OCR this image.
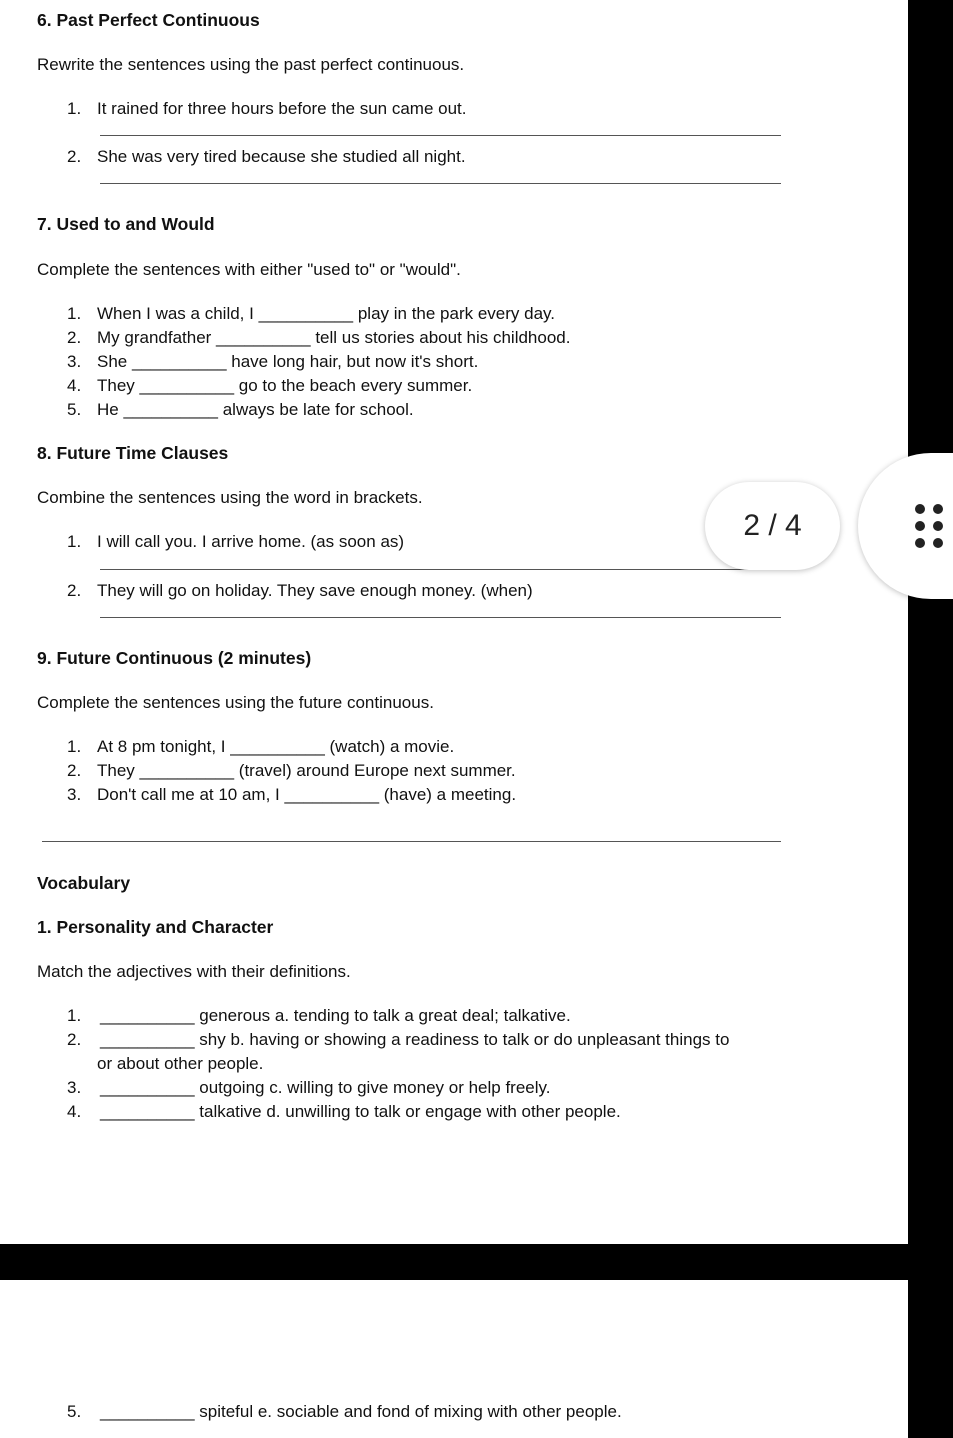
6. Past Perfect Continuous
Rewrite the sentences using the past perfect continuous.
1. It rained for three hours before the sun came out.
2. She was very tired because she studied all night.
7. Used to and Would
Complete the sentences with either "used to" or "would".
1. When I was a child, I __________ play in the park every day.
2. My grandfather __________ tell us stories about his childhood.
3. She __________ have long hair, but now it's short.
4. They __________ go to the beach every summer.
5. He __________ always be late for school.
8. Future Time Clauses
Combine the sentences using the word in brackets.
1. I will call you. I arrive home. (as soon as)
2. They will go on holiday. They save enough money. (when)
9. Future Continuous (2 minutes)
Complete the sentences using the future continuous.
1. At 8 pm tonight, I __________ (watch) a movie.
2. They __________ (travel) around Europe next summer.
3. Don't call me at 10 am, I __________ (have) a meeting.
Vocabulary
1. Personality and Character
Match the adjectives with their definitions.
1. __________ generous a. tending to talk a great deal; talkative.
2. __________ shy b. having or showing a readiness to talk or do unpleasant things to
or about other people.
3. __________ outgoing c. willing to give money or help freely.
4. __________ talkative d. unwilling to talk or engage with other people.
5. __________ spiteful e. sociable and fond of mixing with other people.
2 / 4
